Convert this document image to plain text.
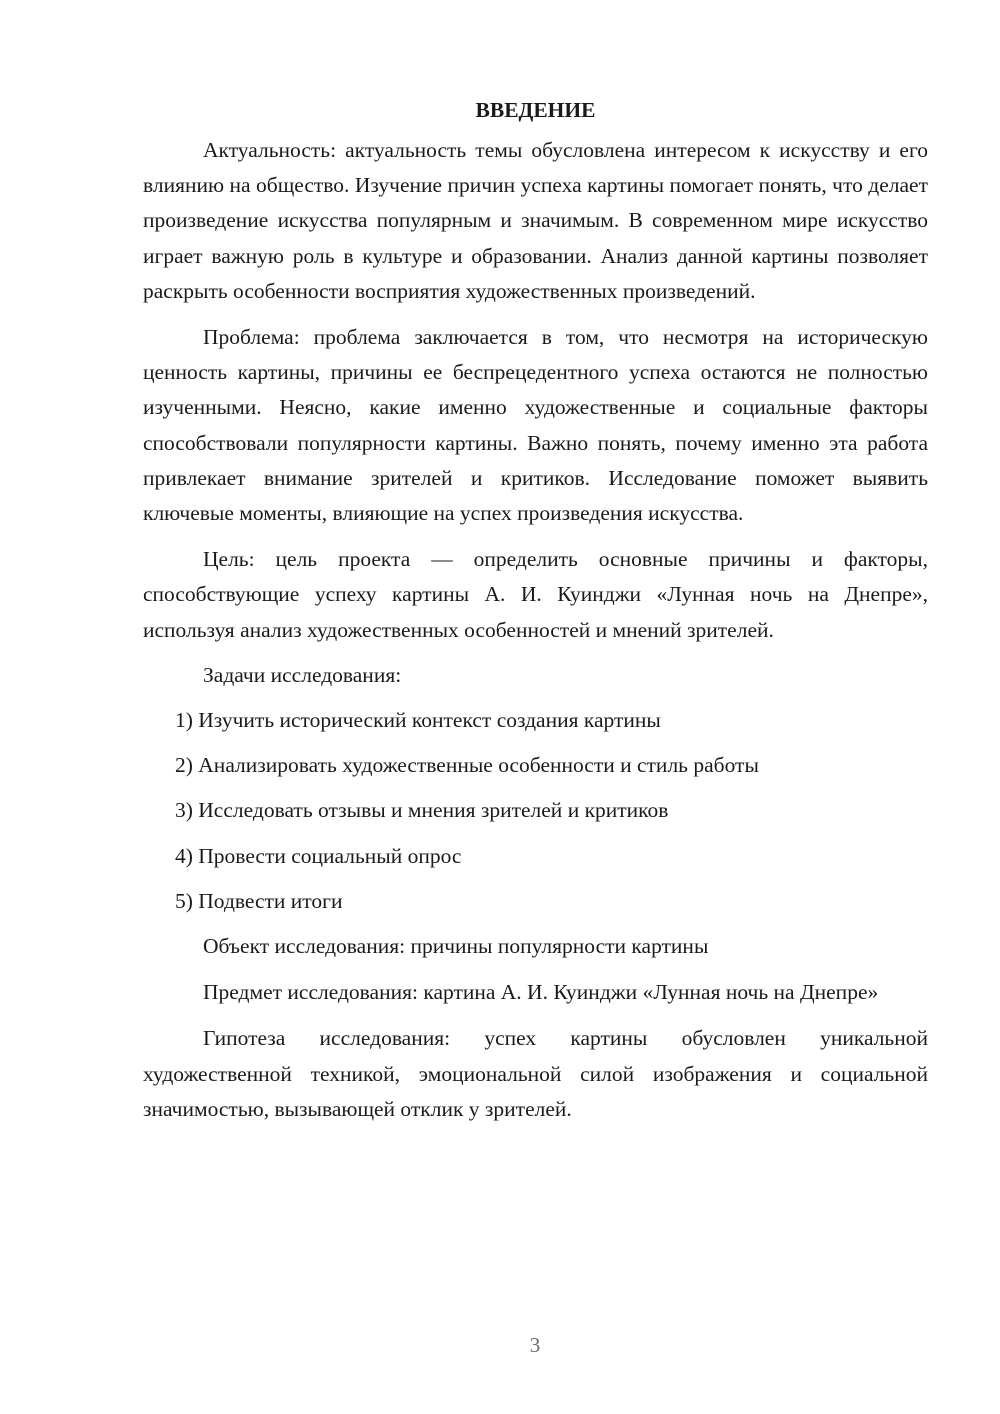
ВВЕДЕНИЕ

Актуальность: актуальность темы обусловлена интересом к искусству и его влиянию на общество. Изучение причин успеха картины помогает понять, что делает произведение искусства популярным и значимым. В современном мире искусство играет важную роль в культуре и образовании. Анализ данной картины позволяет раскрыть особенности восприятия художественных произведений.

Проблема: проблема заключается в том, что несмотря на историческую ценность картины, причины ее беспрецедентного успеха остаются не полностью изученными. Неясно, какие именно художественные и социальные факторы способствовали популярности картины. Важно понять, почему именно эта работа привлекает внимание зрителей и критиков. Исследование поможет выявить ключевые моменты, влияющие на успех произведения искусства.

Цель: цель проекта — определить основные причины и факторы, способствующие успеху картины А. И. Куинджи «Лунная ночь на Днепре», используя анализ художественных особенностей и мнений зрителей.

Задачи исследования:

1) Изучить исторический контекст создания картины
2) Анализировать художественные особенности и стиль работы
3) Исследовать отзывы и мнения зрителей и критиков
4) Провести социальный опрос
5) Подвести итоги

Объект исследования: причины популярности картины

Предмет исследования: картина А. И. Куинджи «Лунная ночь на Днепре»

Гипотеза исследования: успех картины обусловлен уникальной художественной техникой, эмоциональной силой изображения и социальной значимостью, вызывающей отклик у зрителей.

3
